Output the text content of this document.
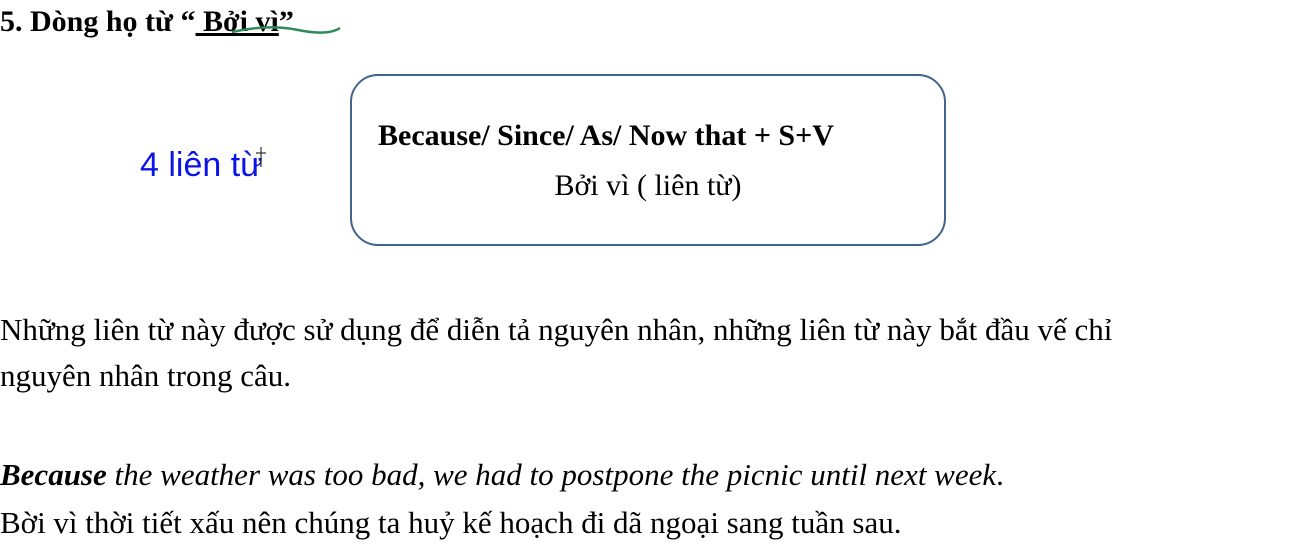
5. Dòng họ từ “ Bởi vì”
4 liên từ
Because/ Since/ As/ Now that + S+V
Bởi vì ( liên từ)
Những liên từ này được sử dụng để diễn tả nguyên nhân, những liên từ này bắt đầu vế chỉ
nguyên nhân trong câu.
Because the weather was too bad, we had to postpone the picnic until next week.
Bời vì thời tiết xấu nên chúng ta huỷ kế hoạch đi dã ngoại sang tuần sau.
